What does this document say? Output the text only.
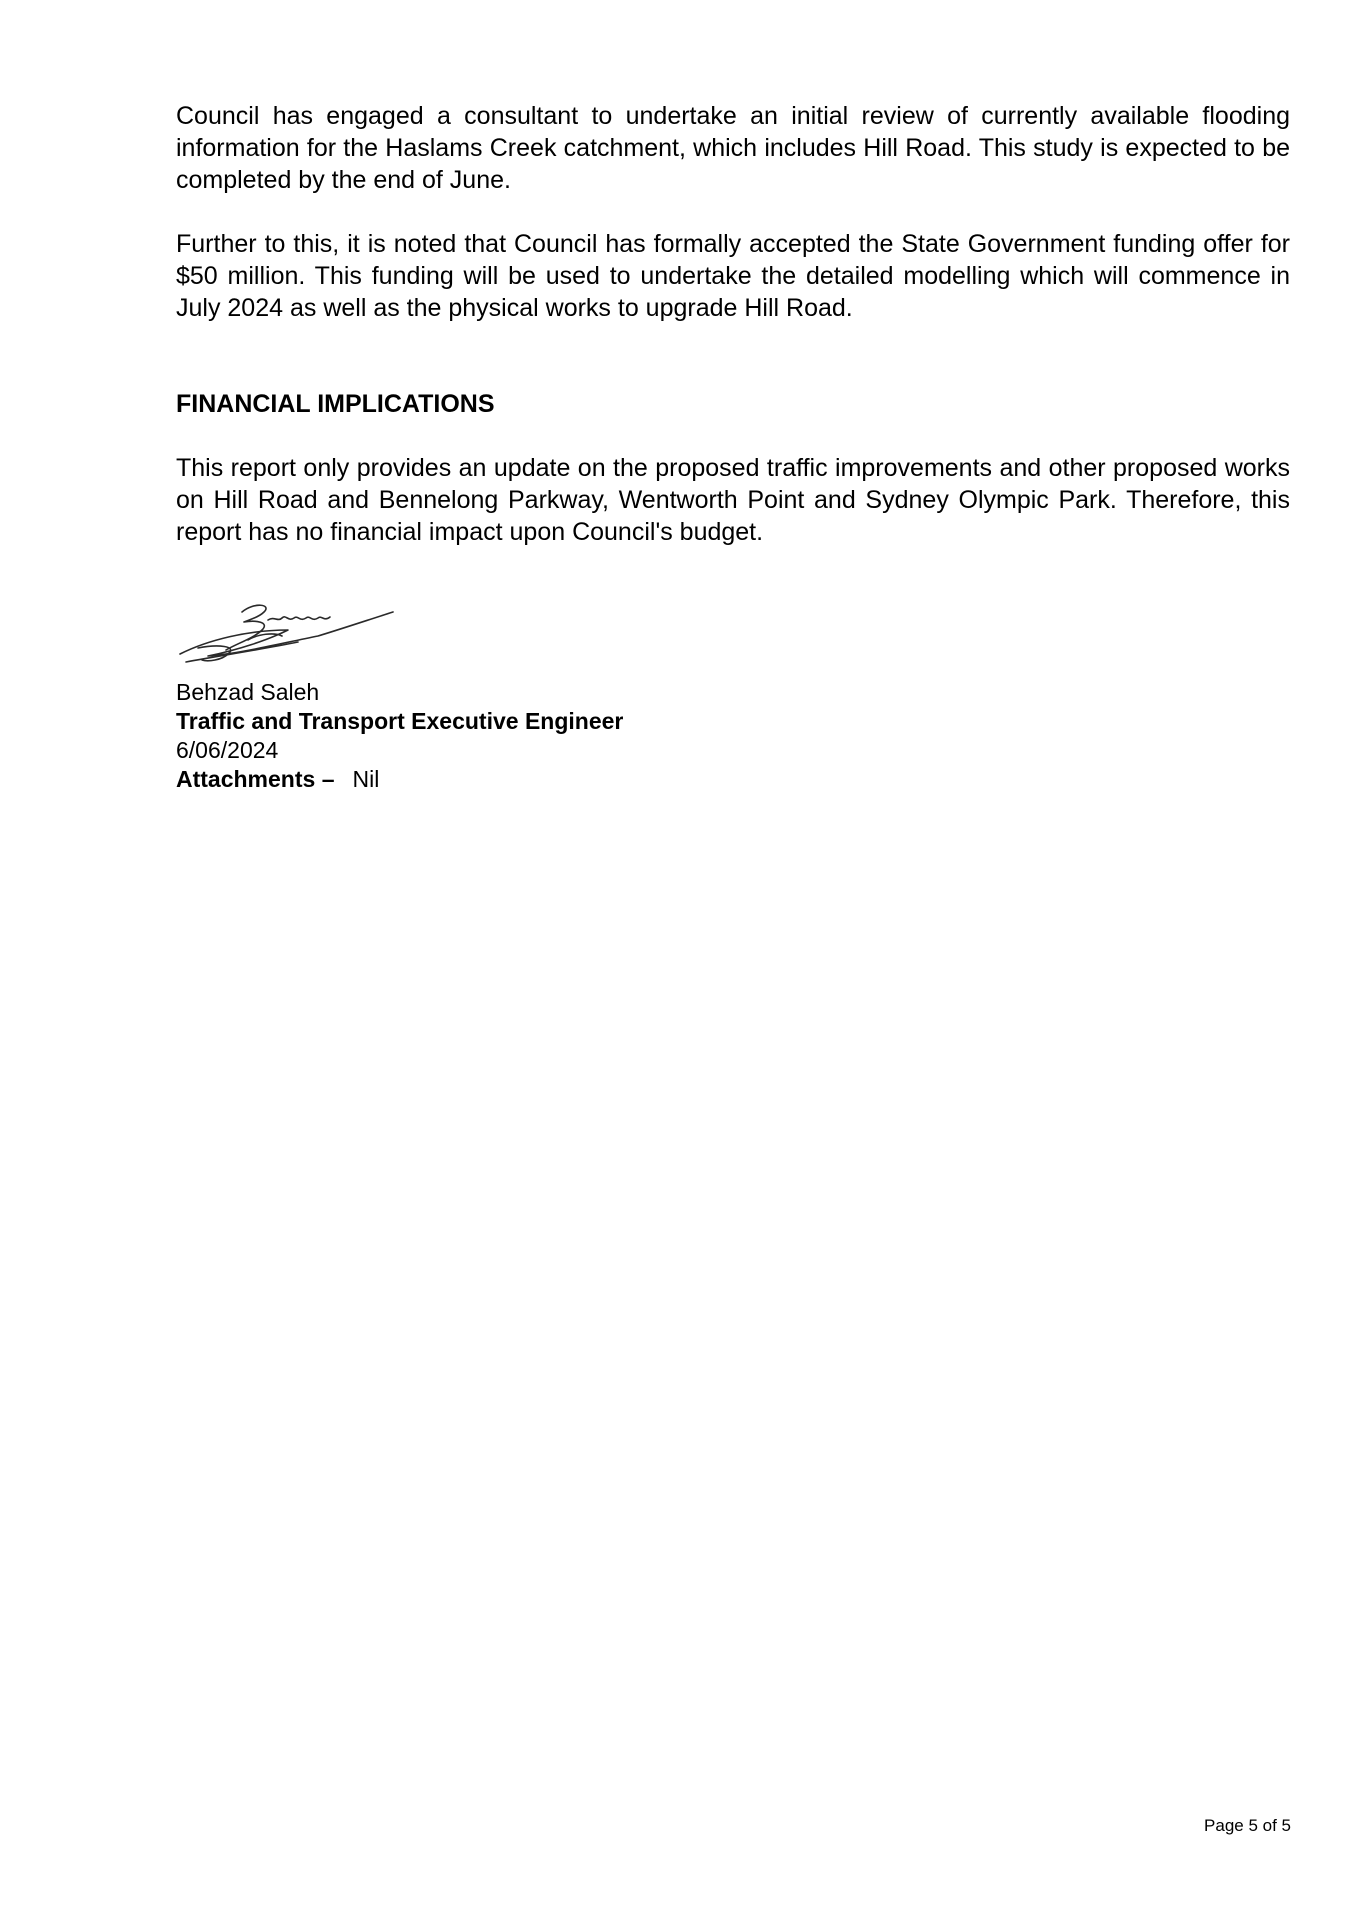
Council has engaged a consultant to undertake an initial review of currently available flooding information for the Haslams Creek catchment, which includes Hill Road. This study is expected to be completed by the end of June.

Further to this, it is noted that Council has formally accepted the State Government funding offer for $50 million. This funding will be used to undertake the detailed modelling which will commence in July 2024 as well as the physical works to upgrade Hill Road.

FINANCIAL IMPLICATIONS

This report only provides an update on the proposed traffic improvements and other proposed works on Hill Road and Bennelong Parkway, Wentworth Point and Sydney Olympic Park. Therefore, this report has no financial impact upon Council's budget.

Behzad Saleh

Traffic and Transport Executive Engineer

6/06/2024

Attachments – Nil

Page 5 of 5
